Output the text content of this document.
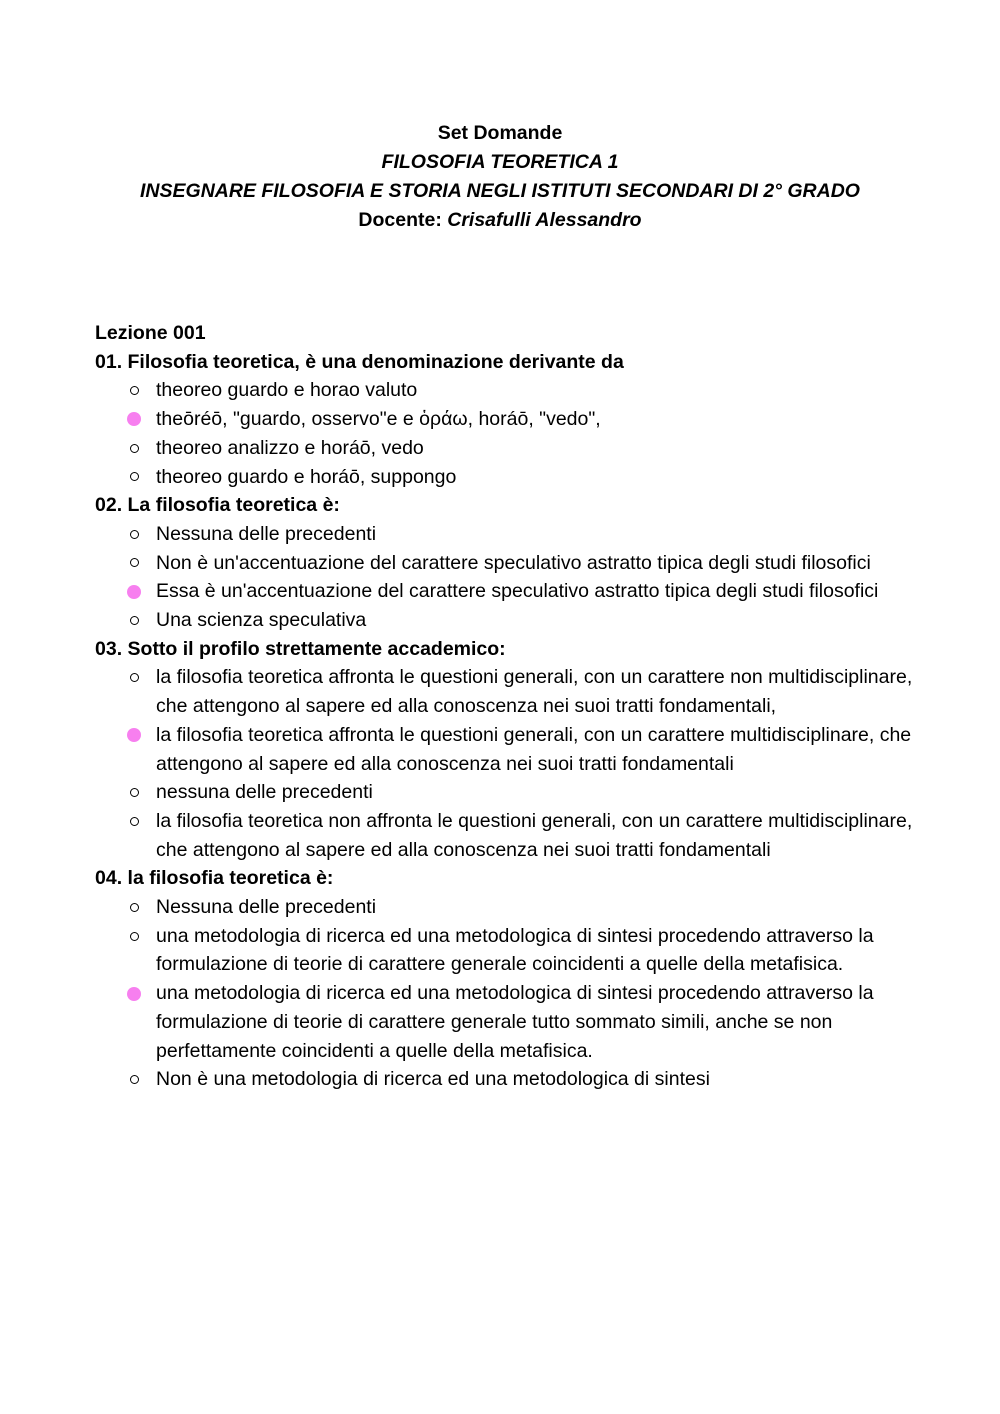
Set Domande
FILOSOFIA TEORETICA 1
INSEGNARE FILOSOFIA E STORIA NEGLI ISTITUTI SECONDARI DI 2° GRADO
Docente: Crisafulli Alessandro
Lezione 001
01. Filosofia teoretica, è una denominazione derivante da
theoreo guardo e horao valuto
theōréō, "guardo, osservo"e e ὁράω, horáō, "vedo",
theoreo analizzo e horáō, vedo
theoreo guardo e horáō, suppongo
02. La filosofia teoretica è:
Nessuna delle precedenti
Non è un'accentuazione del carattere speculativo astratto tipica degli studi filosofici
Essa è un'accentuazione del carattere speculativo astratto tipica degli studi filosofici
Una scienza speculativa
03. Sotto il profilo strettamente accademico:
la filosofia teoretica affronta le questioni generali, con un carattere non multidisciplinare, che attengono al sapere ed alla conoscenza nei suoi tratti fondamentali,
la filosofia teoretica affronta le questioni generali, con un carattere multidisciplinare, che attengono al sapere ed alla conoscenza nei suoi tratti fondamentali
nessuna delle precedenti
la filosofia teoretica non affronta le questioni generali, con un carattere multidisciplinare, che attengono al sapere ed alla conoscenza nei suoi tratti fondamentali
04. la filosofia teoretica è:
Nessuna delle precedenti
una metodologia di ricerca ed una metodologica di sintesi procedendo attraverso la formulazione di teorie di carattere generale coincidenti a quelle della metafisica.
una metodologia di ricerca ed una metodologica di sintesi procedendo attraverso la formulazione di teorie di carattere generale tutto sommato simili, anche se non perfettamente coincidenti a quelle della metafisica.
Non è una metodologia di ricerca ed una metodologica di sintesi
